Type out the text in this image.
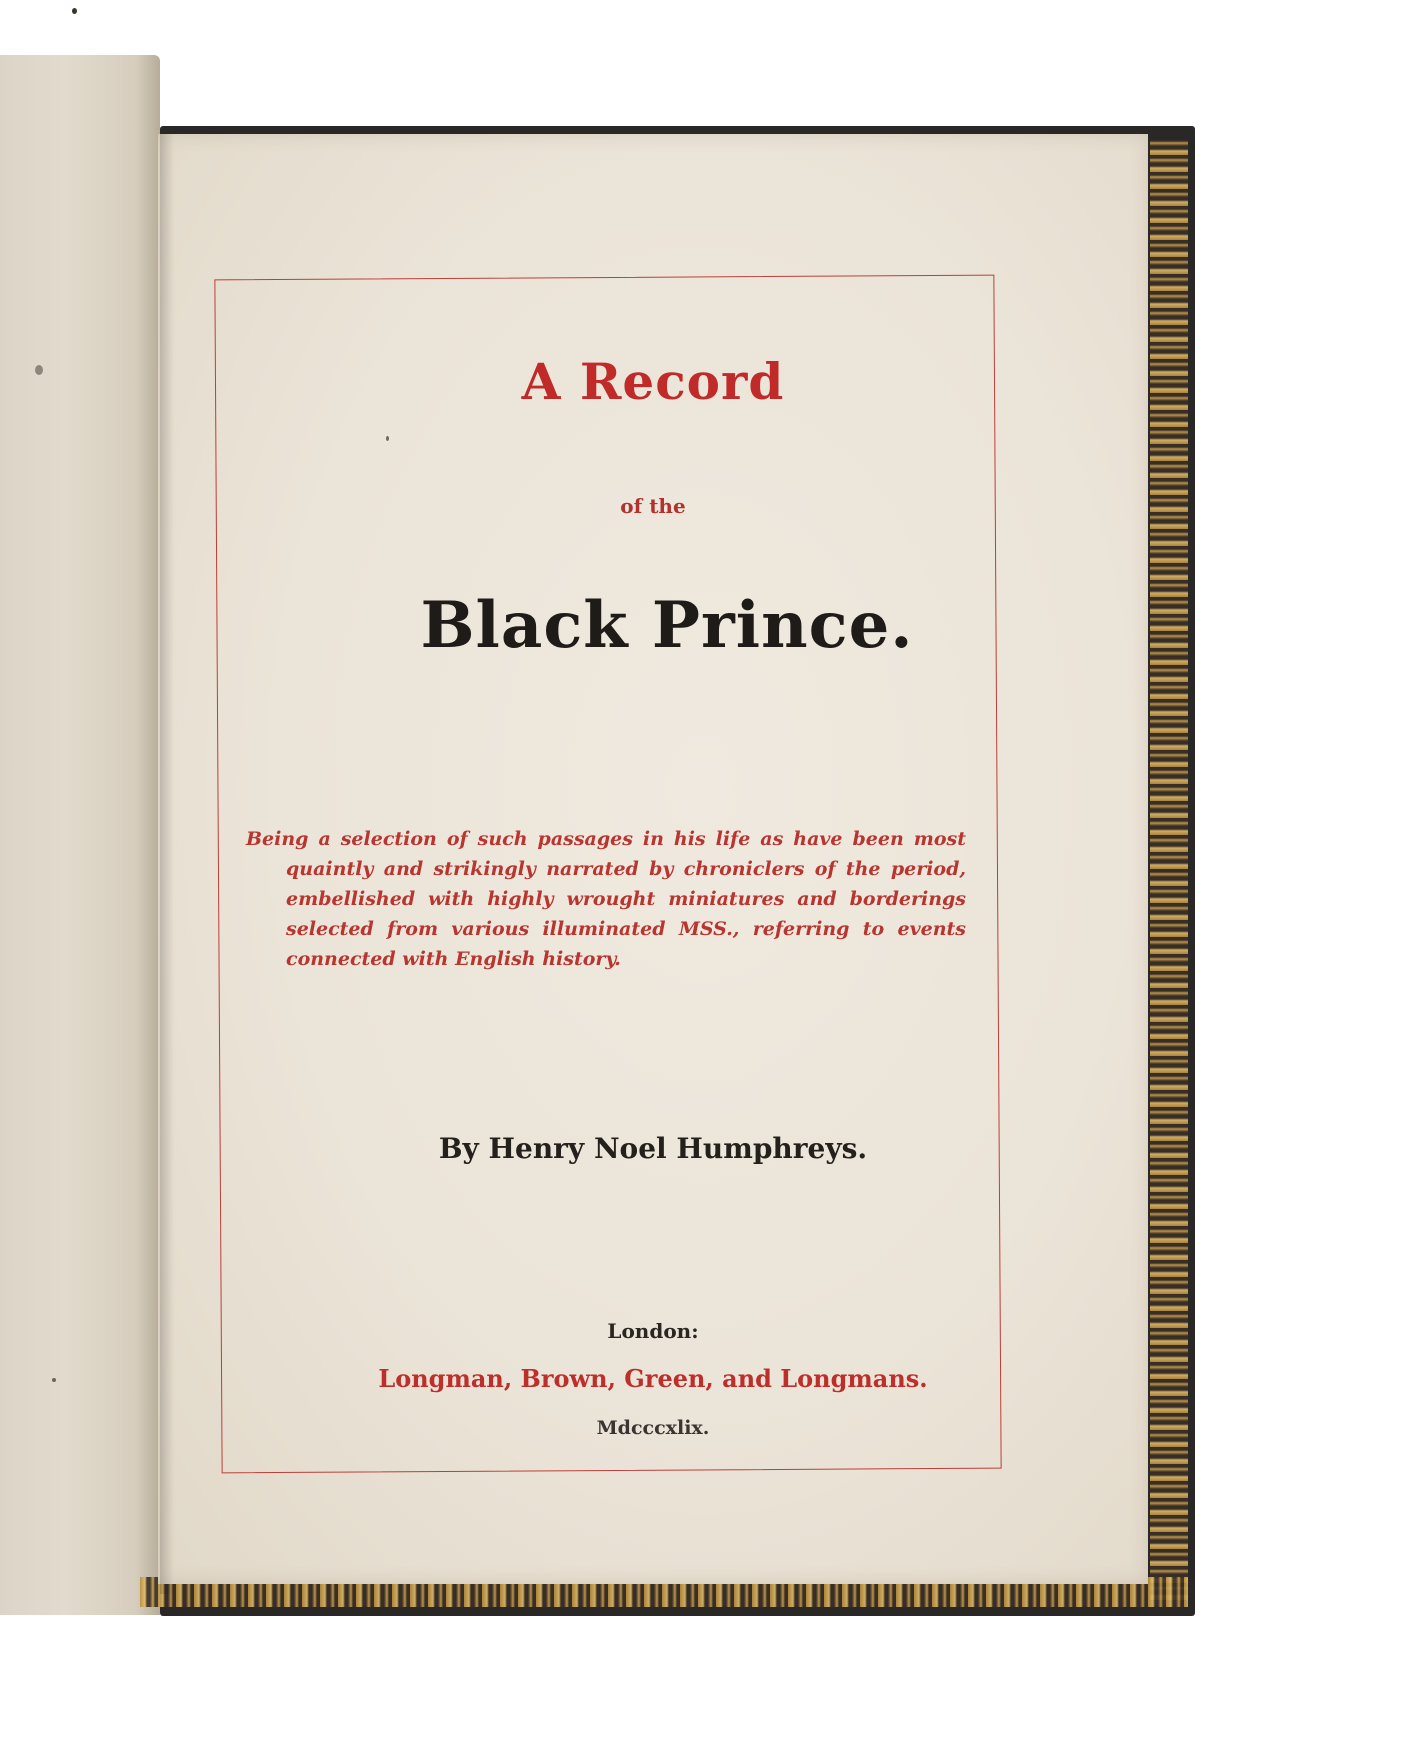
A Record

of the

Black Prince.

Being a selection of such passages in his life as have been most quaintly and strikingly narrated by chroniclers of the period, embellished with highly wrought miniatures and borderings selected from various illuminated MSS., referring to events connected with English history.

By Henry Noel Humphreys.

London:

Longman, Brown, Green, and Longmans.

Mdcccxlix.
